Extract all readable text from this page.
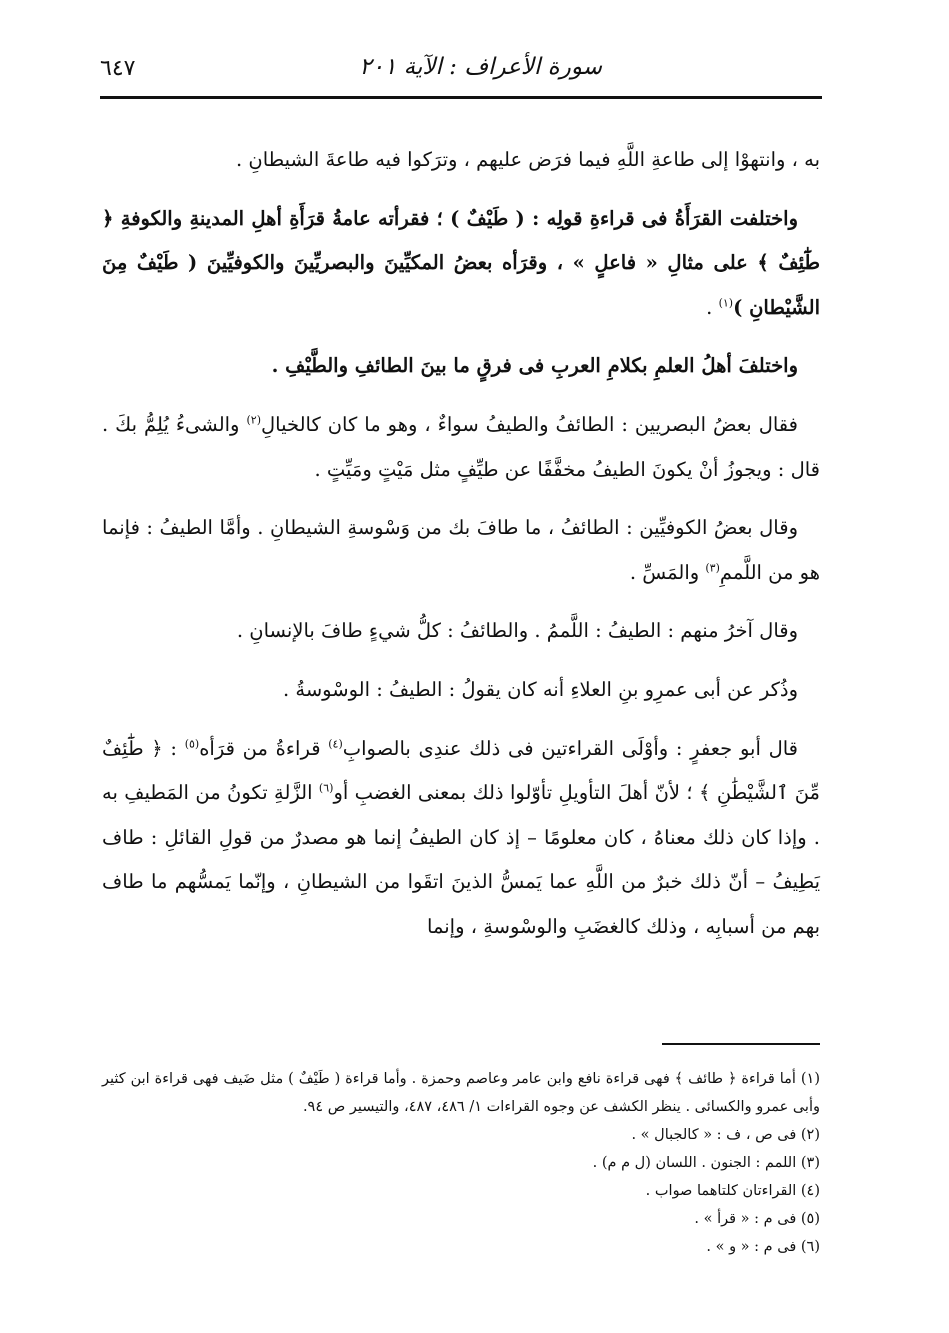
سورة الأعراف : الآية ٢٠١
٦٤٧

به ، وانتهوْا إلى طاعةِ اللَّهِ فيما فرَض عليهم ، وترَكوا فيه طاعةَ الشيطانِ .

واختلفت القرَأَةُ فى قراءةِ قولِه : ( طَيْفٌ ) ؛ فقرأته عامةُ قرَأَةِ أهلِ المدينةِ والكوفةِ ﴿ طَٰٓئِفٌ ﴾ على مثالِ « فاعلٍ » ، وقرَأه بعضُ المكيِّينَ والبصريِّينَ والكوفيِّينَ ( طَيْفٌ مِنَ الشَّيْطانِ )$^{(١)}$ .

واختلفَ أهلُ العلمِ بكلامِ العربِ فى فرقٍ ما بينَ الطائفِ والطَّيْفِ .

فقال بعضُ البصريين : الطائفُ والطيفُ سواءٌ ، وهو ما كان كالخيالِ$^{(٢)}$ والشىءُ يُلِمُّ بكَ . قال : ويجوزُ أنْ يكونَ الطيفُ مخفَّفًا عن طيِّفٍ مثل مَيْتٍ ومَيِّتٍ .

وقال بعضُ الكوفيِّين : الطائفُ ، ما طافَ بك من وَسْوسةِ الشيطانِ . وأمَّا الطيفُ : فإنما هو من اللَّممِ$^{(٣)}$ والمَسِّ .

وقال آخرُ منهم : الطيفُ : اللَّممُ . والطائفُ : كلُّ شيءٍ طافَ بالإنسانِ .

وذُكر عن أبى عمرِو بنِ العلاءِ أنه كان يقولُ : الطيفُ : الوسْوسةُ .

قال أبو جعفرٍ : وأوْلَى القراءتين فى ذلك عندِى بالصوابِ$^{(٤)}$ قراءةُ من قرَأه$^{(٥)}$ : ﴿ طَٰٓئِفٌ مِّنَ ٱلشَّيْطَٰنِ ﴾ ؛ لأنّ أهلَ التأويلِ تأوّلوا ذلك بمعنى الغضبِ أو$^{(٦)}$ الزَّلةِ تكونُ من المَطيفِ به . وإذا كان ذلك معناهُ ، كان معلومًا – إذ كان الطيفُ إنما هو مصدرٌ من قولِ القائلِ : طاف يَطِيفُ – أنّ ذلك خبرٌ من اللَّهِ عما يَمسُّ الذينَ اتقَوا من الشيطانِ ، وإنّما يَمسُّهم ما طاف بهم من أسبابِه ، وذلك كالغضَبِ والوسْوسةِ ، وإنما

(١) أما قراءة ﴿ طائف ﴾ فهى قراءة نافع وابن عامر وعاصم وحمزة . وأما قراءة ( طَيْفٌ ) مثل ضَيف فهى قراءة ابن كثير وأبى عمرو والكسائى . ينظر الكشف عن وجوه القراءات ١/ ٤٨٦، ٤٨٧، والتيسير ص ٩٤.

(٢) فى ص ، ف : « كالجبال » .

(٣) اللمم : الجنون . اللسان (ل م م) .

(٤) القراءتان كلتاهما صواب .

(٥) فى م : « قرأ » .

(٦) فى م : « و » .
